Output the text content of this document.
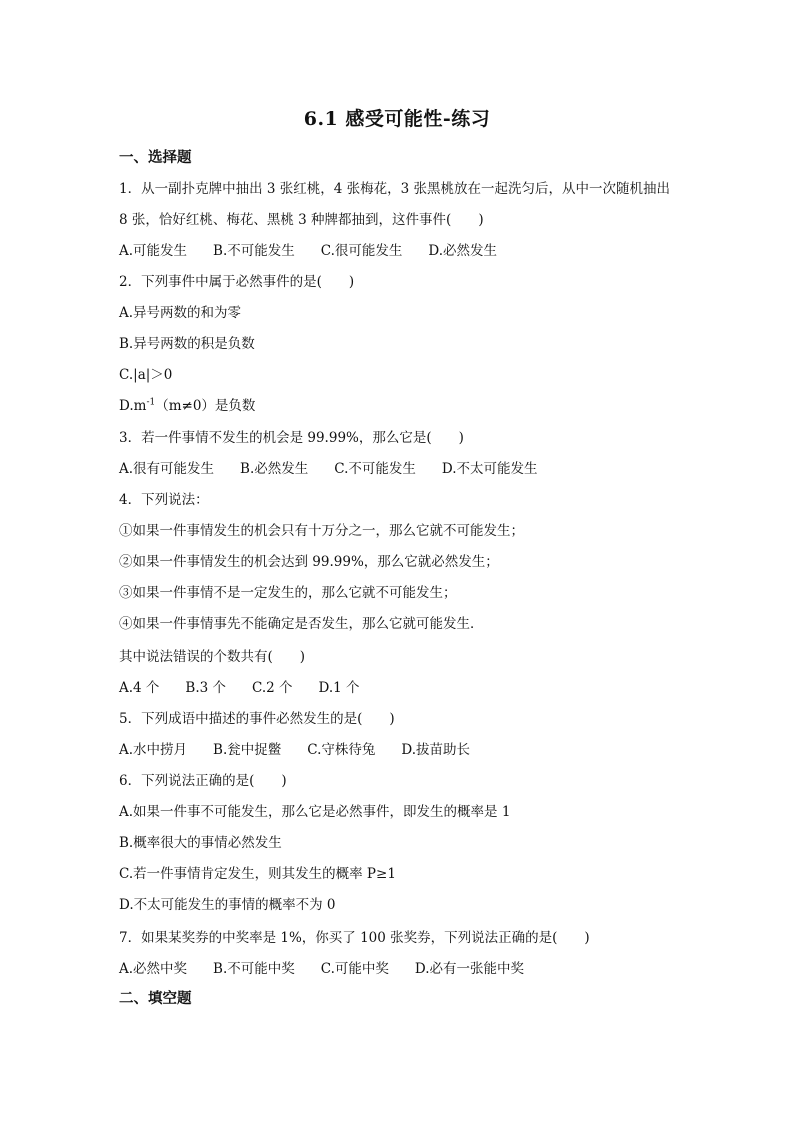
6.1 感受可能性-练习
一、选择题
1．从一副扑克牌中抽出 3 张红桃，4 张梅花，3 张黑桃放在一起洗匀后，从中一次随机抽出
8 张，恰好红桃、梅花、黑桃 3 种牌都抽到，这件事件(　　)
A.可能发生 B.不可能发生 C.很可能发生 D.必然发生
2．下列事件中属于必然事件的是(　　)
A.异号两数的和为零
B.异号两数的积是负数
C.|a|＞0
$D.m^{-1}(m\ne 0)$是负数
3．若一件事情不发生的机会是 99.99%，那么它是(　　)
A.很有可能发生 B.必然发生 C.不可能发生 D.不太可能发生
4．下列说法：
①如果一件事情发生的机会只有十万分之一，那么它就不可能发生；
②如果一件事情发生的机会达到 99.99%，那么它就必然发生；
③如果一件事情不是一定发生的，那么它就不可能发生；
④如果一件事情事先不能确定是否发生，那么它就可能发生．
其中说法错误的个数共有(　　)
A.4 个 B.3 个 C.2 个 D.1 个
5．下列成语中描述的事件必然发生的是(　　)
A.水中捞月 B.瓮中捉鳖 C.守株待兔 D.拔苗助长
6．下列说法正确的是(　　)
A.如果一件事不可能发生，那么它是必然事件，即发生的概率是 1
B.概率很大的事情必然发生
C.若一件事情肯定发生，则其发生的概率 P≥1
D.不太可能发生的事情的概率不为 0
7．如果某奖券的中奖率是 1%，你买了 100 张奖券，下列说法正确的是(　　)
A.必然中奖 B.不可能中奖 C.可能中奖 D.必有一张能中奖
二、填空题
